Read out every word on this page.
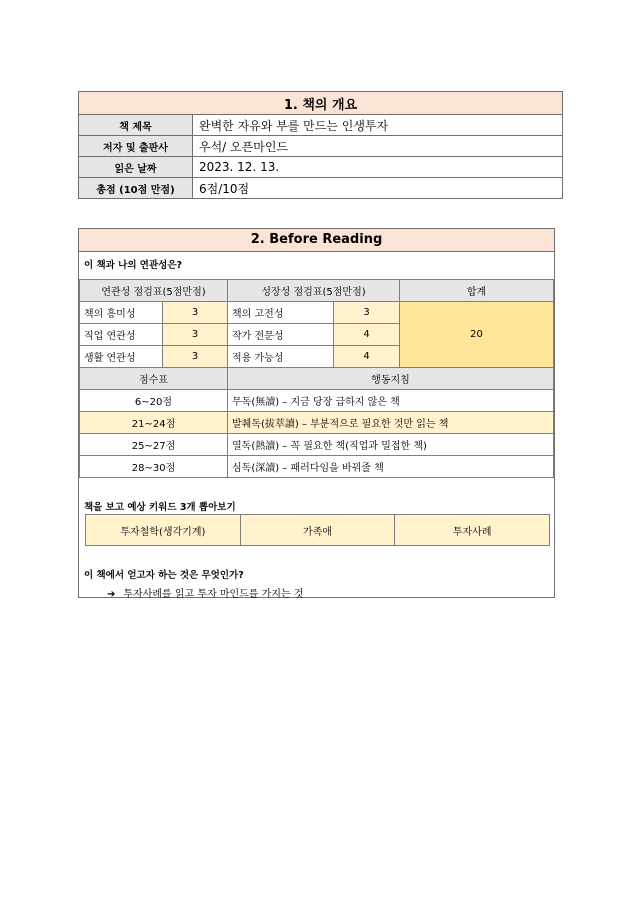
1. 책의 개요	
책 제목	완벽한 자유와 부를 만드는 인생투자
저자 및 출판사	우석/ 오픈마인드
읽은 날짜	2023. 12. 13.
총점 (10점 만점)	6점/10점
2. Before Reading
이 책과 나의 연관성은?
연관성 점검표(5점만점)		성장성 점검표(5점만점)		합계
책의 흥미성	3	책의 고전성	3	20
직업 연관성	3	작가 전문성	4	
생활 연관성	3	적용 가능성	4	
점수표		행동지침		
6~20점		무독(無讀) – 지금 당장 급하지 않은 책		
21~24점		발췌독(拔萃讀) – 부분적으로 필요한 것만 읽는 책		
25~27점		열독(熱讀) – 꼭 필요한 책(직업과 밀접한 책)		
28~30점		심독(深讀) – 패러다임을 바꿔줄 책		
책을 보고 예상 키워드 3개 뽑아보기
투자철학(생각기계)	가족애	투자사례
이 책에서 얻고자 하는 것은 무엇인가?
➔ 투자사례를 읽고 투자 마인드를 가지는 것
